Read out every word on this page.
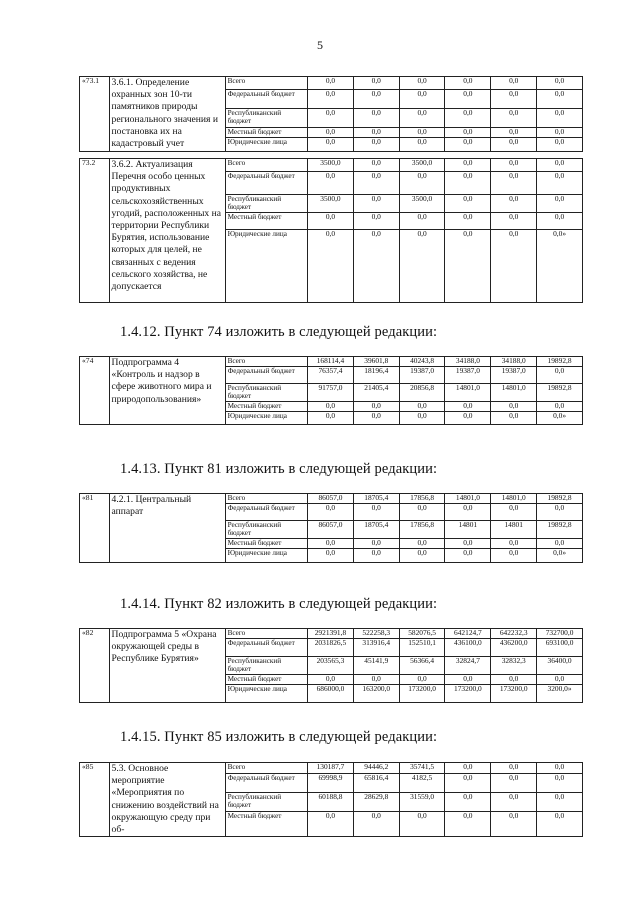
5
«73.1	3.6.1. Определение охранных зон 10-ти памятников природы регионального значения и постановка их на кадастровый учет	Всего	0,0	0,0	0,0	0,0	0,0	0,0
		Федеральный бюджет	0,0	0,0	0,0	0,0	0,0	0,0
		Республиканский бюджет	0,0	0,0	0,0	0,0	0,0	0,0
		Местный бюджет	0,0	0,0	0,0	0,0	0,0	0,0
		Юридические лица	0,0	0,0	0,0	0,0	0,0	0,0
73.2	3.6.2. Актуализация Перечня особо ценных продуктивных сельскохозяйственных угодий, расположенных на территории Республики Бурятия, использование которых для целей, не связанных с ведения сельского хозяйства, не допускается	Всего	3500,0	0,0	3500,0	0,0	0,0	0,0
		Федеральный бюджет	0,0	0,0	0,0	0,0	0,0	0,0
		Республиканский бюджет	3500,0	0,0	3500,0	0,0	0,0	0,0
		Местный бюджет	0,0	0,0	0,0	0,0	0,0	0,0
		Юридические лица	0,0	0,0	0,0	0,0	0,0	0,0»
1.4.12. Пункт 74 изложить в следующей редакции:
«74	Подпрограмма 4 «Контроль и надзор в сфере животного мира и природопользования»	Всего	168114,4	39601,8	40243,8	34188,0	34188,0	19892,8
		Федеральный бюджет	76357,4	18196,4	19387,0	19387,0	19387,0	0,0
		Республиканский бюджет	91757,0	21405,4	20856,8	14801,0	14801,0	19892,8
		Местный бюджет	0,0	0,0	0,0	0,0	0,0	0,0
		Юридические лица	0,0	0,0	0,0	0,0	0,0	0,0»
1.4.13. Пункт 81 изложить в следующей редакции:
«81	4.2.1. Центральный аппарат	Всего	86057,0	18705,4	17856,8	14801,0	14801,0	19892,8
		Федеральный бюджет	0,0	0,0	0,0	0,0	0,0	0,0
		Республиканский бюджет	86057,0	18705,4	17856,8	14801	14801	19892,8
		Местный бюджет	0,0	0,0	0,0	0,0	0,0	0,0
		Юридические лица	0,0	0,0	0,0	0,0	0,0	0,0»
1.4.14. Пункт 82 изложить в следующей редакции:
«82	Подпрограмма 5 «Охрана окружающей среды в Республике Бурятия»	Всего	2921391,8	522258,3	582076,5	642124,7	642232,3	732700,0
		Федеральный бюджет	2031826,5	313916,4	152510,1	436100,0	436200,0	693100,0
		Республиканский бюджет	203565,3	45141,9	56366,4	32824,7	32832,3	36400,0
		Местный бюджет	0,0	0,0	0,0	0,0	0,0	0,0
		Юридические лица	686000,0	163200,0	173200,0	173200,0	173200,0	3200,0»
1.4.15. Пункт 85 изложить в следующей редакции:
«85	5.3. Основное мероприятие «Мероприятия по снижению воздействий на окружающую среду при об-	Всего	130187,7	94446,2	35741,5	0,0	0,0	0,0
		Федеральный бюджет	69998,9	65816,4	4182,5	0,0	0,0	0,0
		Республиканский бюджет	60188,8	28629,8	31559,0	0,0	0,0	0,0
		Местный бюджет	0,0	0,0	0,0	0,0	0,0	0,0
